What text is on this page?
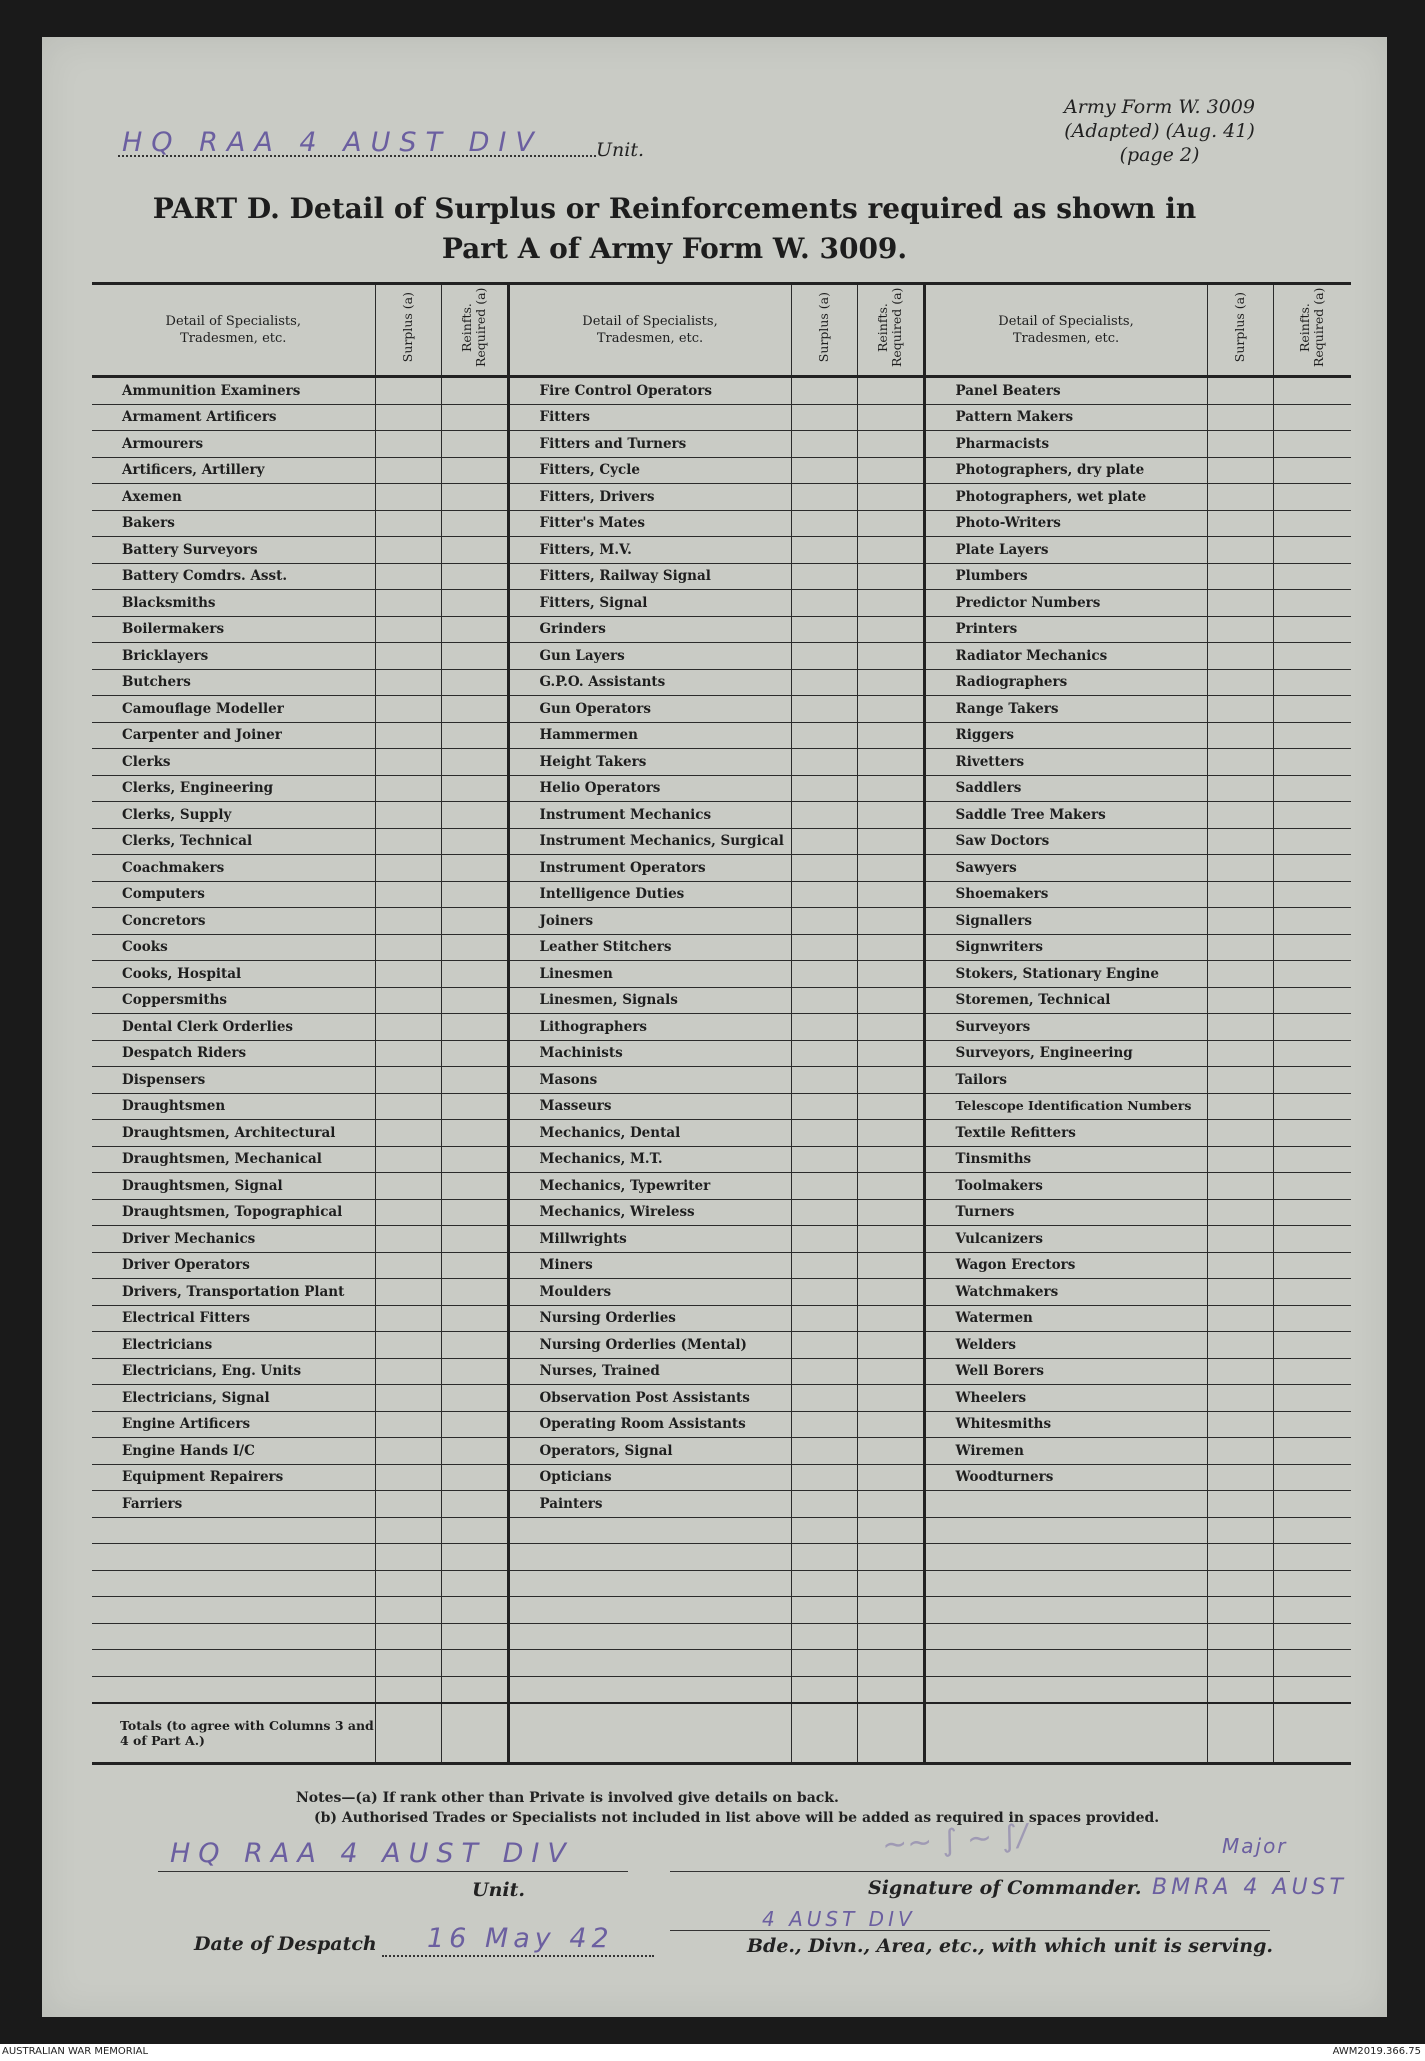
HQ RAA 4 AUST DIV	Unit.
Army Form W. 3009
(Adapted) (Aug. 41)
(page 2)
PART D. Detail of Surplus or Reinforcements required as shown in
Part A of Army Form W. 3009.
Notes—(a) If rank other than Private is involved give details on back.
(b) Authorised Trades or Specialists not included in list above will be added as required in spaces provided.
HQ RAA 4 AUST DIV
Unit.
~~ ∫ ~ ∫/	Major
Signature of Commander. BMRA 4 AUST
Date of Despatch 16 May 42
4 AUST DIV
Bde., Divn., Area, etc., with which unit is serving.
Detail of Specialists, Tradesmen, etc.	Surplus (a)	Reinfts. Required (a)	Detail of Specialists, Tradesmen, etc.	Surplus (a)	Reinfts. Required (a)	Detail of Specialists, Tradesmen, etc.	Surplus (a)	Reinfts. Required (a)
Ammunition Examiners			Fire Control Operators			Panel Beaters		
Armament Artificers			Fitters			Pattern Makers		
Armourers			Fitters and Turners			Pharmacists		
Artificers, Artillery			Fitters, Cycle			Photographers, dry plate		
Axemen			Fitters, Drivers			Photographers, wet plate		
Bakers			Fitter's Mates			Photo-Writers		
Battery Surveyors			Fitters, M.V.			Plate Layers		
Battery Comdrs. Asst.			Fitters, Railway Signal			Plumbers		
Blacksmiths			Fitters, Signal			Predictor Numbers		
Boilermakers			Grinders			Printers		
Bricklayers			Gun Layers			Radiator Mechanics		
Butchers			G.P.O. Assistants			Radiographers		
Camouflage Modeller			Gun Operators			Range Takers		
Carpenter and Joiner			Hammermen			Riggers		
Clerks			Height Takers			Rivetters		
Clerks, Engineering			Helio Operators			Saddlers		
Clerks, Supply			Instrument Mechanics			Saddle Tree Makers		
Clerks, Technical			Instrument Mechanics, Surgical			Saw Doctors		
Coachmakers			Instrument Operators			Sawyers		
Computers			Intelligence Duties			Shoemakers		
Concretors			Joiners			Signallers		
Cooks			Leather Stitchers			Signwriters		
Cooks, Hospital			Linesmen			Stokers, Stationary Engine		
Coppersmiths			Linesmen, Signals			Storemen, Technical		
Dental Clerk Orderlies			Lithographers			Surveyors		
Despatch Riders			Machinists			Surveyors, Engineering		
Dispensers			Masons			Tailors		
Draughtsmen			Masseurs			Telescope Identification Numbers		
Draughtsmen, Architectural			Mechanics, Dental			Textile Refitters		
Draughtsmen, Mechanical			Mechanics, M.T.			Tinsmiths		
Draughtsmen, Signal			Mechanics, Typewriter			Toolmakers		
Draughtsmen, Topographical			Mechanics, Wireless			Turners		
Driver Mechanics			Millwrights			Vulcanizers		
Driver Operators			Miners			Wagon Erectors		
Drivers, Transportation Plant			Moulders			Watchmakers		
Electrical Fitters			Nursing Orderlies			Watermen		
Electricians			Nursing Orderlies (Mental)			Welders		
Electricians, Eng. Units			Nurses, Trained			Well Borers		
Electricians, Signal			Observation Post Assistants			Wheelers		
Engine Artificers			Operating Room Assistants			Whitesmiths		
Engine Hands I/C			Operators, Signal			Wiremen		
Equipment Repairers			Opticians			Woodturners		
Farriers			Painters					

Totals (to agree with Columns 3 and 4 of Part A.)								
AUSTRALIAN WAR MEMORIAL	AWM2019.366.75
